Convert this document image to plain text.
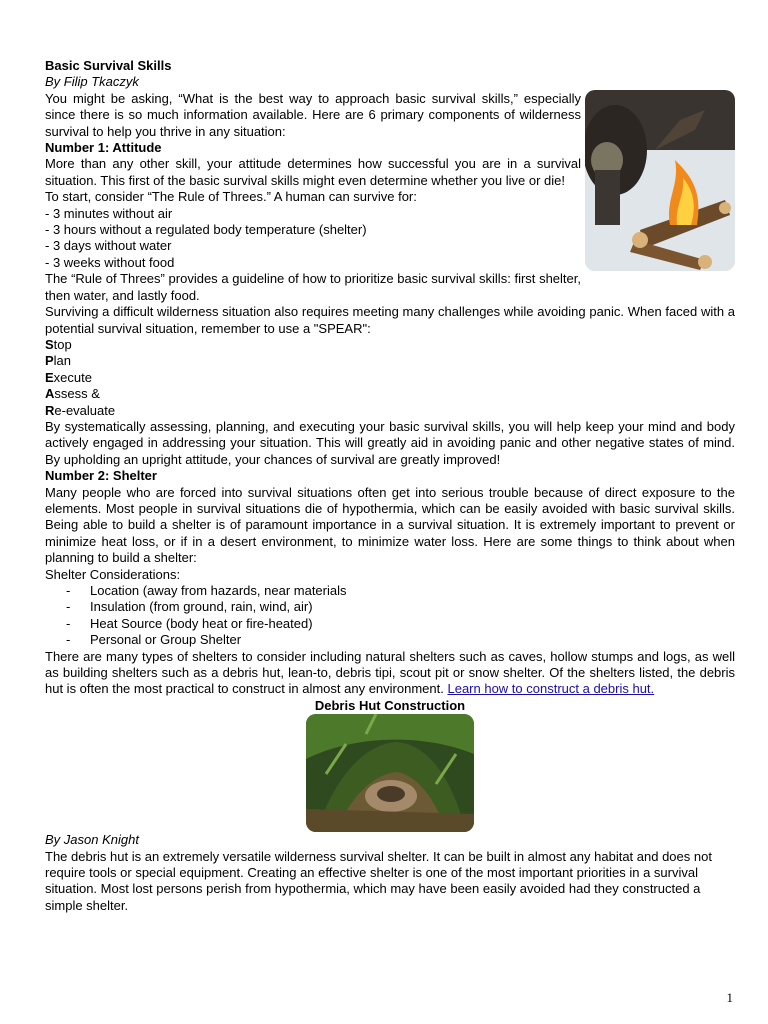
Basic Survival Skills

By Filip Tkaczyk

You might be asking, “What is the best way to approach basic survival skills,” especially since there is so much information available. Here are 6 primary components of wilderness survival to help you thrive in any situation:

Number 1: Attitude

More than any other skill, your attitude determines how successful you are in a survival situation. This first of the basic survival skills might even determine whether you live or die!

To start, consider “The Rule of Threes.” A human can survive for:

- 3 minutes without air

- 3 hours without a regulated body temperature (shelter)

- 3 days without water

- 3 weeks without food

The “Rule of Threes” provides a guideline of how to prioritize basic survival skills: first shelter, then water, and lastly food.

Surviving a difficult wilderness situation also requires meeting many challenges while avoiding panic. When faced with a potential survival situation, remember to use a "SPEAR":

Stop

Plan

Execute

Assess &

Re-evaluate

By systematically assessing, planning, and executing your basic survival skills, you will help keep your mind and body actively engaged in addressing your situation. This will greatly aid in avoiding panic and other negative states of mind. By upholding an upright attitude, your chances of survival are greatly improved!

Number 2: Shelter

Many people who are forced into survival situations often get into serious trouble because of direct exposure to the elements. Most people in survival situations die of hypothermia, which can be easily avoided with basic survival skills. Being able to build a shelter is of paramount importance in a survival situation. It is extremely important to prevent or minimize heat loss, or if in a desert environment, to minimize water loss. Here are some things to think about when planning to build a shelter:

Shelter Considerations:

- Location (away from hazards, near materials
- Insulation (from ground, rain, wind, air)
- Heat Source (body heat or fire-heated)
- Personal or Group Shelter

There are many types of shelters to consider including natural shelters such as caves, hollow stumps and logs, as well as building shelters such as a debris hut, lean-to, debris tipi, scout pit or snow shelter. Of the shelters listed, the debris hut is often the most practical to construct in almost any environment. Learn how to construct a debris hut.

Debris Hut Construction

By Jason Knight

The debris hut is an extremely versatile wilderness survival shelter. It can be built in almost any habitat and does not require tools or special equipment. Creating an effective shelter is one of the most important priorities in a survival situation. Most lost persons perish from hypothermia, which may have been easily avoided had they constructed a simple shelter.

1
